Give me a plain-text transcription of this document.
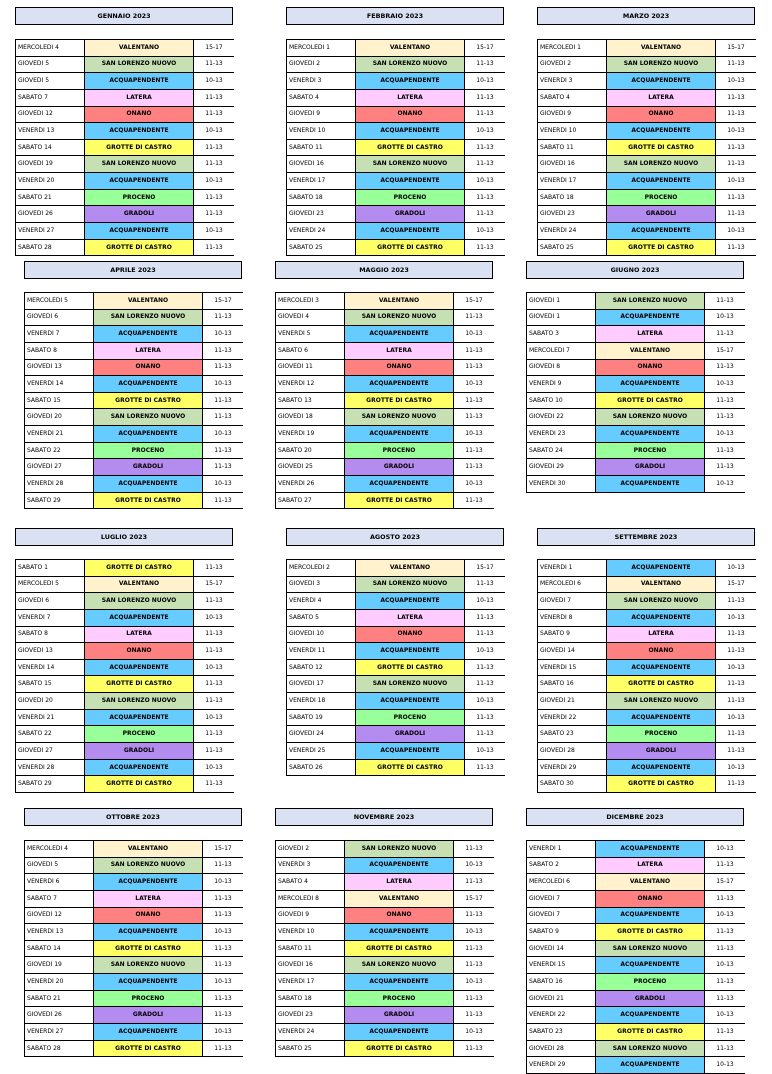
GENNAIO 2023
MERCOLEDI 4	VALENTANO	15-17
GIOVEDI 5	SAN LORENZO NUOVO	11-13
GIOVEDI 5	ACQUAPENDENTE	10-13
SABATO 7	LATERA	11-13
GIOVEDI 12	ONANO	11-13
VENERDI 13	ACQUAPENDENTE	10-13
SABATO 14	GROTTE DI CASTRO	11-13
GIOVEDI 19	SAN LORENZO NUOVO	11-13
VENERDI 20	ACQUAPENDENTE	10-13
SABATO 21	PROCENO	11-13
GIOVEDI 26	GRADOLI	11-13
VENERDI 27	ACQUAPENDENTE	10-13
SABATO 28	GROTTE DI CASTRO	11-13
FEBBRAIO 2023
MERCOLEDI 1	VALENTANO	15-17
GIOVEDI 2	SAN LORENZO NUOVO	11-13
VENERDI 3	ACQUAPENDENTE	10-13
SABATO 4	LATERA	11-13
GIOVEDI 9	ONANO	11-13
VENERDI 10	ACQUAPENDENTE	10-13
SABATO 11	GROTTE DI CASTRO	11-13
GIOVEDI 16	SAN LORENZO NUOVO	11-13
VENERDI 17	ACQUAPENDENTE	10-13
SABATO 18	PROCENO	11-13
GIOVEDI 23	GRADOLI	11-13
VENERDI 24	ACQUAPENDENTE	10-13
SABATO 25	GROTTE DI CASTRO	11-13
MARZO 2023
MERCOLEDI 1	VALENTANO	15-17
GIOVEDI 2	SAN LORENZO NUOVO	11-13
VENERDI 3	ACQUAPENDENTE	10-13
SABATO 4	LATERA	11-13
GIOVEDI 9	ONANO	11-13
VENERDI 10	ACQUAPENDENTE	10-13
SABATO 11	GROTTE DI CASTRO	11-13
GIOVEDI 16	SAN LORENZO NUOVO	11-13
VENERDI 17	ACQUAPENDENTE	10-13
SABATO 18	PROCENO	11-13
GIOVEDI 23	GRADOLI	11-13
VENERDI 24	ACQUAPENDENTE	10-13
SABATO 25	GROTTE DI CASTRO	11-13
APRILE 2023
MERCOLEDI 5	VALENTANO	15-17
GIOVEDI 6	SAN LORENZO NUOVO	11-13
VENERDI 7	ACQUAPENDENTE	10-13
SABATO 8	LATERA	11-13
GIOVEDI 13	ONANO	11-13
VENERDI 14	ACQUAPENDENTE	10-13
SABATO 15	GROTTE DI CASTRO	11-13
GIOVEDI 20	SAN LORENZO NUOVO	11-13
VENERDI 21	ACQUAPENDENTE	10-13
SABATO 22	PROCENO	11-13
GIOVEDI 27	GRADOLI	11-13
VENERDI 28	ACQUAPENDENTE	10-13
SABATO 29	GROTTE DI CASTRO	11-13
MAGGIO 2023
MERCOLEDI 3	VALENTANO	15-17
GIOVEDI 4	SAN LORENZO NUOVO	11-13
VENERDI 5	ACQUAPENDENTE	10-13
SABATO 6	LATERA	11-13
GIOVEDI 11	ONANO	11-13
VENERDI 12	ACQUAPENDENTE	10-13
SABATO 13	GROTTE DI CASTRO	11-13
GIOVEDI 18	SAN LORENZO NUOVO	11-13
VENERDI 19	ACQUAPENDENTE	10-13
SABATO 20	PROCENO	11-13
GIOVEDI 25	GRADOLI	11-13
VENERDI 26	ACQUAPENDENTE	10-13
SABATO 27	GROTTE DI CASTRO	11-13
GIUGNO 2023
GIOVEDI 1	SAN LORENZO NUOVO	11-13
GIOVEDI 1	ACQUAPENDENTE	10-13
SABATO 3	LATERA	11-13
MERCOLEDI 7	VALENTANO	15-17
GIOVEDI 8	ONANO	11-13
VENERDI 9	ACQUAPENDENTE	10-13
SABATO 10	GROTTE DI CASTRO	11-13
GIOVEDI 22	SAN LORENZO NUOVO	11-13
VENERDI 23	ACQUAPENDENTE	10-13
SABATO 24	PROCENO	11-13
GIOVEDI 29	GRADOLI	11-13
VENERDI 30	ACQUAPENDENTE	10-13
LUGLIO 2023
SABATO 1	GROTTE DI CASTRO	11-13
MERCOLEDI 5	VALENTANO	15-17
GIOVEDI 6	SAN LORENZO NUOVO	11-13
VENERDI 7	ACQUAPENDENTE	10-13
SABATO 8	LATERA	11-13
GIOVEDI 13	ONANO	11-13
VENERDI 14	ACQUAPENDENTE	10-13
SABATO 15	GROTTE DI CASTRO	11-13
GIOVEDI 20	SAN LORENZO NUOVO	11-13
VENERDI 21	ACQUAPENDENTE	10-13
SABATO 22	PROCENO	11-13
GIOVEDI 27	GRADOLI	11-13
VENERDI 28	ACQUAPENDENTE	10-13
SABATO 29	GROTTE DI CASTRO	11-13
AGOSTO 2023
MERCOLEDI 2	VALENTANO	15-17
GIOVEDI 3	SAN LORENZO NUOVO	11-13
VENERDI 4	ACQUAPENDENTE	10-13
SABATO 5	LATERA	11-13
GIOVEDI 10	ONANO	11-13
VENERDI 11	ACQUAPENDENTE	10-13
SABATO 12	GROTTE DI CASTRO	11-13
GIOVEDI 17	SAN LORENZO NUOVO	11-13
VENERDI 18	ACQUAPENDENTE	10-13
SABATO 19	PROCENO	11-13
GIOVEDI 24	GRADOLI	11-13
VENERDI 25	ACQUAPENDENTE	10-13
SABATO 26	GROTTE DI CASTRO	11-13
SETTEMBRE 2023
VENERDI 1	ACQUAPENDENTE	10-13
MERCOLEDI 6	VALENTANO	15-17
GIOVEDI 7	SAN LORENZO NUOVO	11-13
VENERDI 8	ACQUAPENDENTE	10-13
SABATO 9	LATERA	11-13
GIOVEDI 14	ONANO	11-13
VENERDI 15	ACQUAPENDENTE	10-13
SABATO 16	GROTTE DI CASTRO	11-13
GIOVEDI 21	SAN LORENZO NUOVO	11-13
VENERDI 22	ACQUAPENDENTE	10-13
SABATO 23	PROCENO	11-13
GIOVEDI 28	GRADOLI	11-13
VENERDI 29	ACQUAPENDENTE	10-13
SABATO 30	GROTTE DI CASTRO	11-13
OTTOBRE 2023
MERCOLEDI 4	VALENTANO	15-17
GIOVEDI 5	SAN LORENZO NUOVO	11-13
VENERDI 6	ACQUAPENDENTE	10-13
SABATO 7	LATERA	11-13
GIOVEDI 12	ONANO	11-13
VENERDI 13	ACQUAPENDENTE	10-13
SABATO 14	GROTTE DI CASTRO	11-13
GIOVEDI 19	SAN LORENZO NUOVO	11-13
VENERDI 20	ACQUAPENDENTE	10-13
SABATO 21	PROCENO	11-13
GIOVEDI 26	GRADOLI	11-13
VENERDI 27	ACQUAPENDENTE	10-13
SABATO 28	GROTTE DI CASTRO	11-13
NOVEMBRE 2023
GIOVEDI 2	SAN LORENZO NUOVO	11-13
VENERDI 3	ACQUAPENDENTE	10-13
SABATO 4	LATERA	11-13
MERCOLEDI 8	VALENTANO	15-17
GIOVEDI 9	ONANO	11-13
VENERDI 10	ACQUAPENDENTE	10-13
SABATO 11	GROTTE DI CASTRO	11-13
GIOVEDI 16	SAN LORENZO NUOVO	11-13
VENERDI 17	ACQUAPENDENTE	10-13
SABATO 18	PROCENO	11-13
GIOVEDI 23	GRADOLI	11-13
VENERDI 24	ACQUAPENDENTE	10-13
SABATO 25	GROTTE DI CASTRO	11-13
DICEMBRE 2023
VENERDI 1	ACQUAPENDENTE	10-13
SABATO 2	LATERA	11-13
MERCOLEDI 6	VALENTANO	15-17
GIOVEDI 7	ONANO	11-13
GIOVEDI 7	ACQUAPENDENTE	10-13
SABATO 9	GROTTE DI CASTRO	11-13
GIOVEDI 14	SAN LORENZO NUOVO	11-13
VENERDI 15	ACQUAPENDENTE	10-13
SABATO 16	PROCENO	11-13
GIOVEDI 21	GRADOLI	11-13
VENERDI 22	ACQUAPENDENTE	10-13
SABATO 23	GROTTE DI CASTRO	11-13
GIOVEDI 28	SAN LORENZO NUOVO	11-13
VENERDI 29	ACQUAPENDENTE	10-13
